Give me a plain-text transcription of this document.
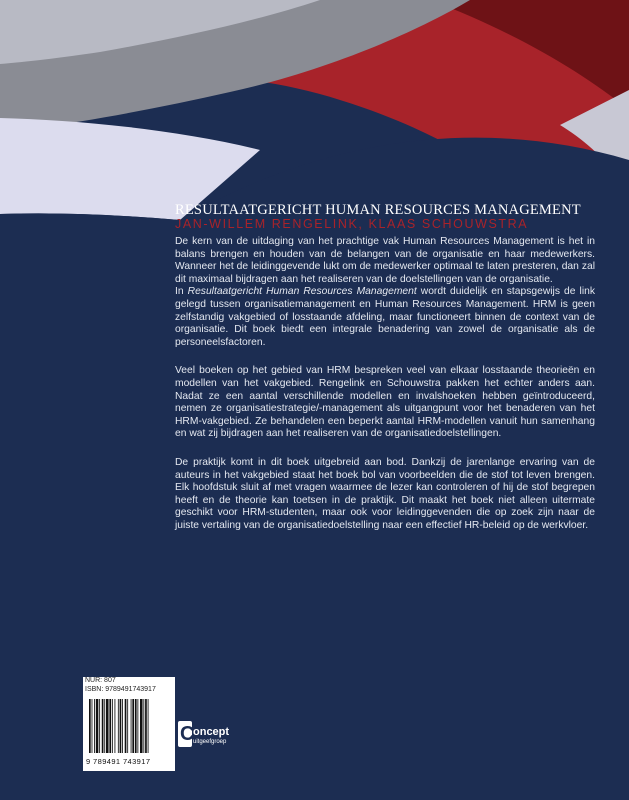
RESULTAATGERICHT HUMAN RESOURCES MANAGEMENT
JAN-WILLEM RENGELINK, KLAAS SCHOUWSTRA

De kern van de uitdaging van het prachtige vak Human Resources Management is het in balans brengen en houden van de belangen van de organisatie en haar medewerkers. Wanneer het de leidinggevende lukt om de medewerker optimaal te laten presteren, dan zal dit maximaal bijdragen aan het realiseren van de doelstellingen van de organisatie.

In Resultaatgericht Human Resources Management wordt duidelijk en stapsgewijs de link gelegd tussen organisatiemanagement en Human Resources Management. HRM is geen zelfstandig vakgebied of losstaande afdeling, maar functioneert binnen de context van de organisatie. Dit boek biedt een integrale benadering van zowel de organisatie als de personeelsfactoren.

Veel boeken op het gebied van HRM bespreken veel van elkaar losstaande theorieën en modellen van het vakgebied. Rengelink en Schouwstra pakken het echter anders aan. Nadat ze een aantal verschillende modellen en invalshoeken hebben geïntroduceerd, nemen ze organisatiestrategie/-management als uitgangpunt voor het benaderen van het HRM-vakgebied. Ze behandelen een beperkt aantal HRM-modellen vanuit hun samenhang en wat zij bijdragen aan het realiseren van de organisatiedoelstellingen.

De praktijk komt in dit boek uitgebreid aan bod. Dankzij de jarenlange ervaring van de auteurs in het vakgebied staat het boek bol van voorbeelden die de stof tot leven brengen. Elk hoofdstuk sluit af met vragen waarmee de lezer kan controleren of hij de stof begrepen heeft en de theorie kan toetsen in de praktijk. Dit maakt het boek niet alleen uitermate geschikt voor HRM-studenten, maar ook voor leidinggevenden die op zoek zijn naar de juiste vertaling van de organisatiedoelstelling naar een effectief HR-beleid op de werkvloer.

NUR: 807
ISBN: 9789491743917
9 789491 743917
C
oncept
uitgeefgroep
